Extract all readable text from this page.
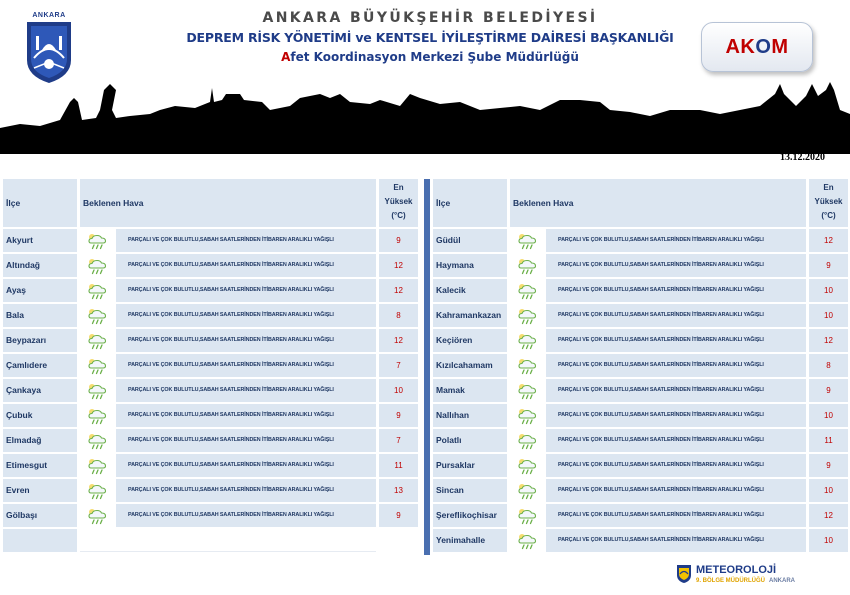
ANKARA	ANKARA BÜYÜKŞEHİR BELEDİYESİ
DEPREM RİSK YÖNETİMİ ve KENTSEL İYİLEŞTİRME DAİRESİ BAŞKANLIĞI
Afet Koordinasyon Merkezi Şube Müdürlüğü	AKOM
13.12.2020
İlçe	Beklenen Hava
En
Yüksek
(°C)
Akyurt	PARÇALI VE ÇOK BULUTLU,SABAH SAATLERİNDEN İTİBAREN ARALIKLI YAĞIŞLI	9
Altındağ	PARÇALI VE ÇOK BULUTLU,SABAH SAATLERİNDEN İTİBAREN ARALIKLI YAĞIŞLI	12
Ayaş	PARÇALI VE ÇOK BULUTLU,SABAH SAATLERİNDEN İTİBAREN ARALIKLI YAĞIŞLI	12
Bala	PARÇALI VE ÇOK BULUTLU,SABAH SAATLERİNDEN İTİBAREN ARALIKLI YAĞIŞLI	8
Beypazarı	PARÇALI VE ÇOK BULUTLU,SABAH SAATLERİNDEN İTİBAREN ARALIKLI YAĞIŞLI	12
Çamlıdere	PARÇALI VE ÇOK BULUTLU,SABAH SAATLERİNDEN İTİBAREN ARALIKLI YAĞIŞLI	7
Çankaya	PARÇALI VE ÇOK BULUTLU,SABAH SAATLERİNDEN İTİBAREN ARALIKLI YAĞIŞLI	10
Çubuk	PARÇALI VE ÇOK BULUTLU,SABAH SAATLERİNDEN İTİBAREN ARALIKLI YAĞIŞLI	9
Elmadağ	PARÇALI VE ÇOK BULUTLU,SABAH SAATLERİNDEN İTİBAREN ARALIKLI YAĞIŞLI	7
Etimesgut	PARÇALI VE ÇOK BULUTLU,SABAH SAATLERİNDEN İTİBAREN ARALIKLI YAĞIŞLI	11
Evren	PARÇALI VE ÇOK BULUTLU,SABAH SAATLERİNDEN İTİBAREN ARALIKLI YAĞIŞLI	13
Gölbaşı	PARÇALI VE ÇOK BULUTLU,SABAH SAATLERİNDEN İTİBAREN ARALIKLI YAĞIŞLI	9
İlçe	Beklenen Hava
En
Yüksek
(°C)
Güdül	PARÇALI VE ÇOK BULUTLU,SABAH SAATLERİNDEN İTİBAREN ARALIKLI YAĞIŞLI	12
Haymana	PARÇALI VE ÇOK BULUTLU,SABAH SAATLERİNDEN İTİBAREN ARALIKLI YAĞIŞLI	9
Kalecik	PARÇALI VE ÇOK BULUTLU,SABAH SAATLERİNDEN İTİBAREN ARALIKLI YAĞIŞLI	10
Kahramankazan	PARÇALI VE ÇOK BULUTLU,SABAH SAATLERİNDEN İTİBAREN ARALIKLI YAĞIŞLI	10
Keçiören	PARÇALI VE ÇOK BULUTLU,SABAH SAATLERİNDEN İTİBAREN ARALIKLI YAĞIŞLI	12
Kızılcahamam	PARÇALI VE ÇOK BULUTLU,SABAH SAATLERİNDEN İTİBAREN ARALIKLI YAĞIŞLI	8
Mamak	PARÇALI VE ÇOK BULUTLU,SABAH SAATLERİNDEN İTİBAREN ARALIKLI YAĞIŞLI	9
Nallıhan	PARÇALI VE ÇOK BULUTLU,SABAH SAATLERİNDEN İTİBAREN ARALIKLI YAĞIŞLI	10
Polatlı	PARÇALI VE ÇOK BULUTLU,SABAH SAATLERİNDEN İTİBAREN ARALIKLI YAĞIŞLI	11
Pursaklar	PARÇALI VE ÇOK BULUTLU,SABAH SAATLERİNDEN İTİBAREN ARALIKLI YAĞIŞLI	9
Sincan	PARÇALI VE ÇOK BULUTLU,SABAH SAATLERİNDEN İTİBAREN ARALIKLI YAĞIŞLI	10
Şereflikoçhisar	PARÇALI VE ÇOK BULUTLU,SABAH SAATLERİNDEN İTİBAREN ARALIKLI YAĞIŞLI	12
Yenimahalle	PARÇALI VE ÇOK BULUTLU,SABAH SAATLERİNDEN İTİBAREN ARALIKLI YAĞIŞLI	10
METEOROLOJİ
9. BÖLGE MÜDÜRLÜĞÜ ANKARA
